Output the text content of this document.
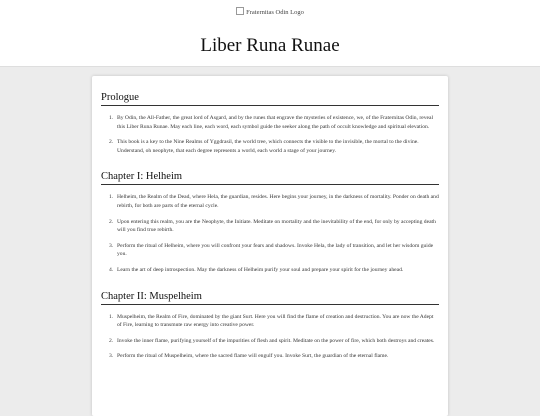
Fraternitas Odin Logo
Liber Runa Runae
Prologue
1. By Odin, the All-Father, the great lord of Asgard, and by the runes that engrave the mysteries of existence, we, of the Fraternitas Odin, reveal this Liber Runa Runae. May each line, each word, each symbol guide the seeker along the path of occult knowledge and spiritual elevation.
2. This book is a key to the Nine Realms of Yggdrasil, the world tree, which connects the visible to the invisible, the mortal to the divine. Understand, oh neophyte, that each degree represents a world, each world a stage of your journey.
Chapter I: Helheim
1. Helheim, the Realm of the Dead, where Hela, the guardian, resides. Here begins your journey, in the darkness of mortality. Ponder on death and rebirth, for both are parts of the eternal cycle.
2. Upon entering this realm, you are the Neophyte, the Initiate. Meditate on mortality and the inevitability of the end, for only by accepting death will you find true rebirth.
3. Perform the ritual of Helheim, where you will confront your fears and shadows. Invoke Hela, the lady of transition, and let her wisdom guide you.
4. Learn the art of deep introspection. May the darkness of Helheim purify your soul and prepare your spirit for the journey ahead.
Chapter II: Muspelheim
1. Muspelheim, the Realm of Fire, dominated by the giant Surt. Here you will find the flame of creation and destruction. You are now the Adept of Fire, learning to transmute raw energy into creative power.
2. Invoke the inner flame, purifying yourself of the impurities of flesh and spirit. Meditate on the power of fire, which both destroys and creates.
3. Perform the ritual of Muspelheim, where the sacred flame will engulf you. Invoke Surt, the guardian of the eternal flame.
